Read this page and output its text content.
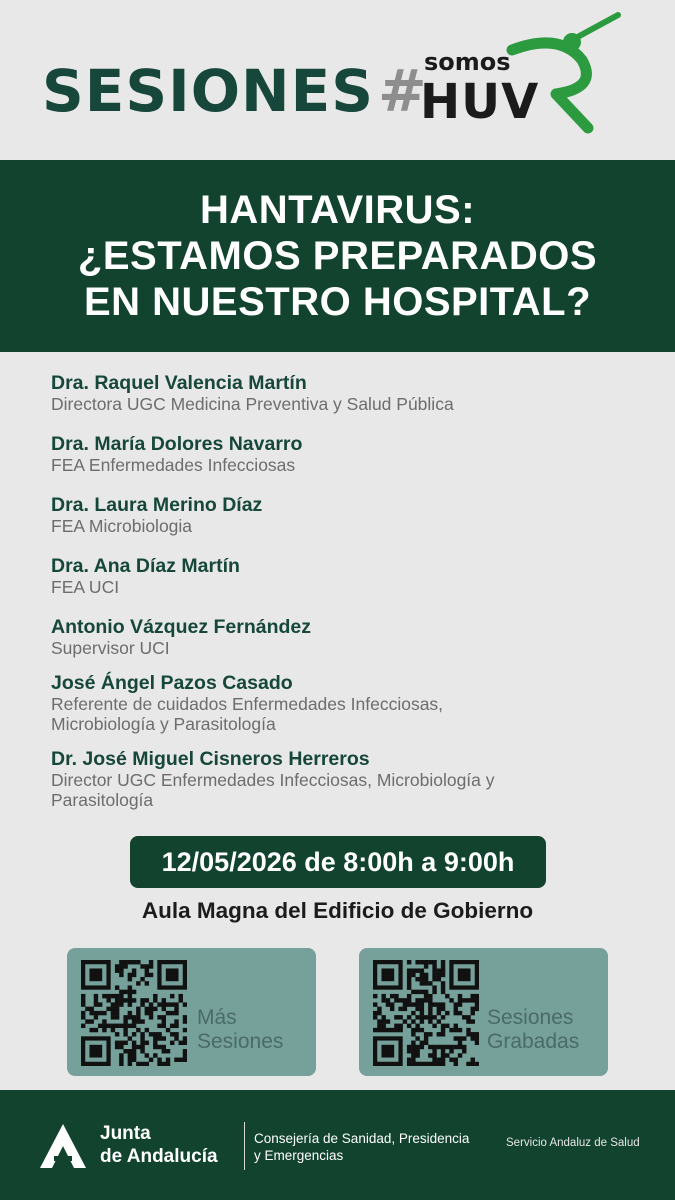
SESIONES #
somos
HUV
HANTAVIRUS:
¿ESTAMOS PREPARADOS
EN NUESTRO HOSPITAL?
Dra. Raquel Valencia Martín
Directora UGC Medicina Preventiva y Salud Pública
Dra. María Dolores Navarro
FEA Enfermedades Infecciosas
Dra. Laura Merino Díaz
FEA Microbiologia
Dra. Ana Díaz Martín
FEA UCI
Antonio Vázquez Fernández
Supervisor UCI
José Ángel Pazos Casado
Referente de cuidados Enfermedades Infecciosas,
Microbiología y Parasitología
Dr. José Miguel Cisneros Herreros
Director UGC Enfermedades Infecciosas, Microbiología y
Parasitología
12/05/2026 de 8:00h a 9:00h
Aula Magna del Edificio de Gobierno
Más
Sesiones
Sesiones
Grabadas
Junta
de Andalucía
Consejería de Sanidad, Presidencia
y Emergencias
Servicio Andaluz de Salud
